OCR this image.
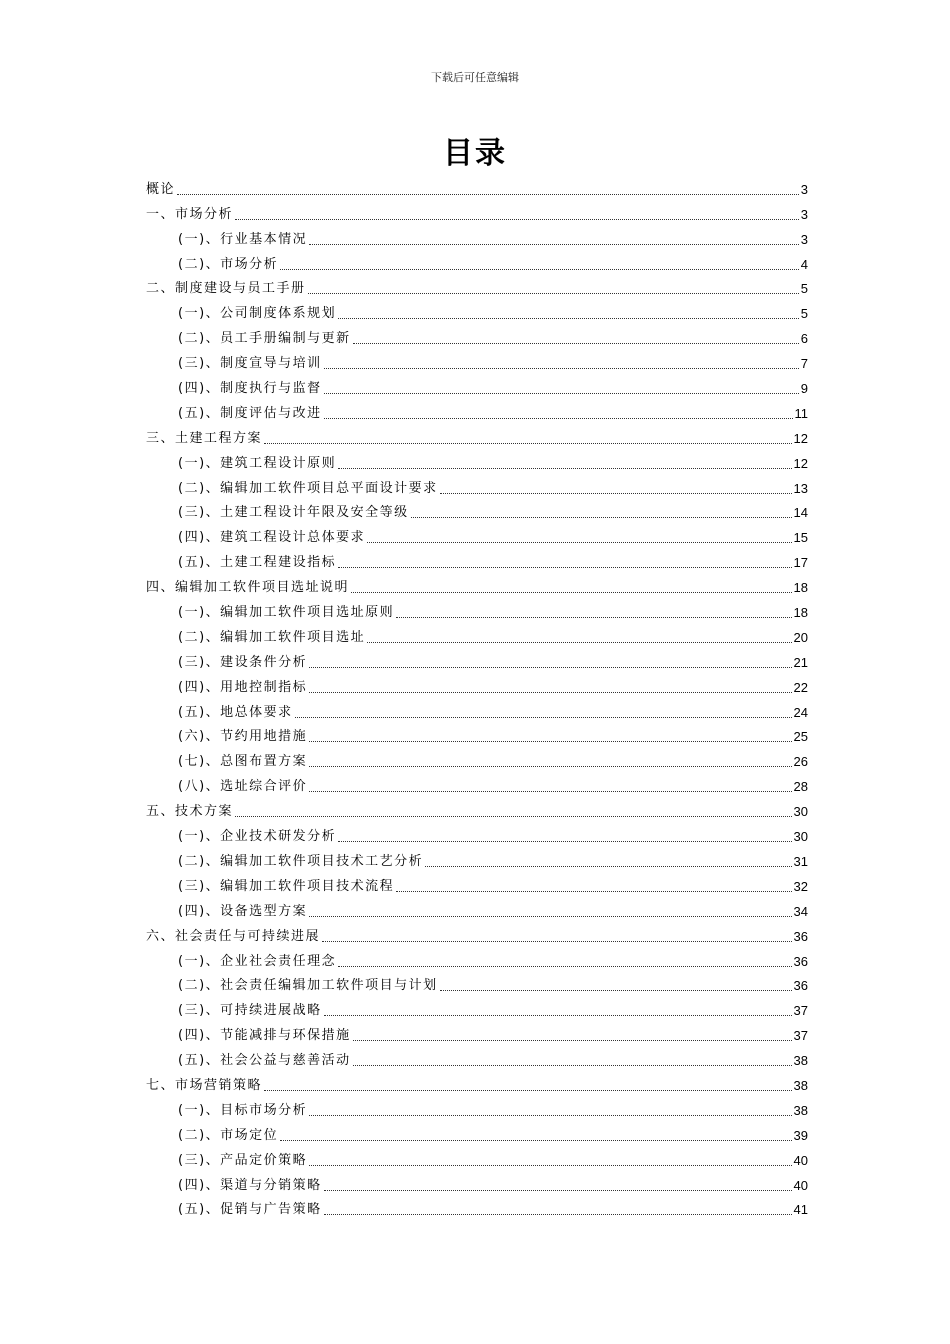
下载后可任意编辑
目录
概论	3
一、市场分析	3
(一)、行业基本情况	3
(二)、市场分析	4
二、制度建设与员工手册	5
(一)、公司制度体系规划	5
(二)、员工手册编制与更新	6
(三)、制度宣导与培训	7
(四)、制度执行与监督	9
(五)、制度评估与改进	11
三、土建工程方案	12
(一)、建筑工程设计原则	12
(二)、编辑加工软件项目总平面设计要求	13
(三)、土建工程设计年限及安全等级	14
(四)、建筑工程设计总体要求	15
(五)、土建工程建设指标	17
四、编辑加工软件项目选址说明	18
(一)、编辑加工软件项目选址原则	18
(二)、编辑加工软件项目选址	20
(三)、建设条件分析	21
(四)、用地控制指标	22
(五)、地总体要求	24
(六)、节约用地措施	25
(七)、总图布置方案	26
(八)、选址综合评价	28
五、技术方案	30
(一)、企业技术研发分析	30
(二)、编辑加工软件项目技术工艺分析	31
(三)、编辑加工软件项目技术流程	32
(四)、设备选型方案	34
六、社会责任与可持续进展	36
(一)、企业社会责任理念	36
(二)、社会责任编辑加工软件项目与计划	36
(三)、可持续进展战略	37
(四)、节能减排与环保措施	37
(五)、社会公益与慈善活动	38
七、市场营销策略	38
(一)、目标市场分析	38
(二)、市场定位	39
(三)、产品定价策略	40
(四)、渠道与分销策略	40
(五)、促销与广告策略	41
